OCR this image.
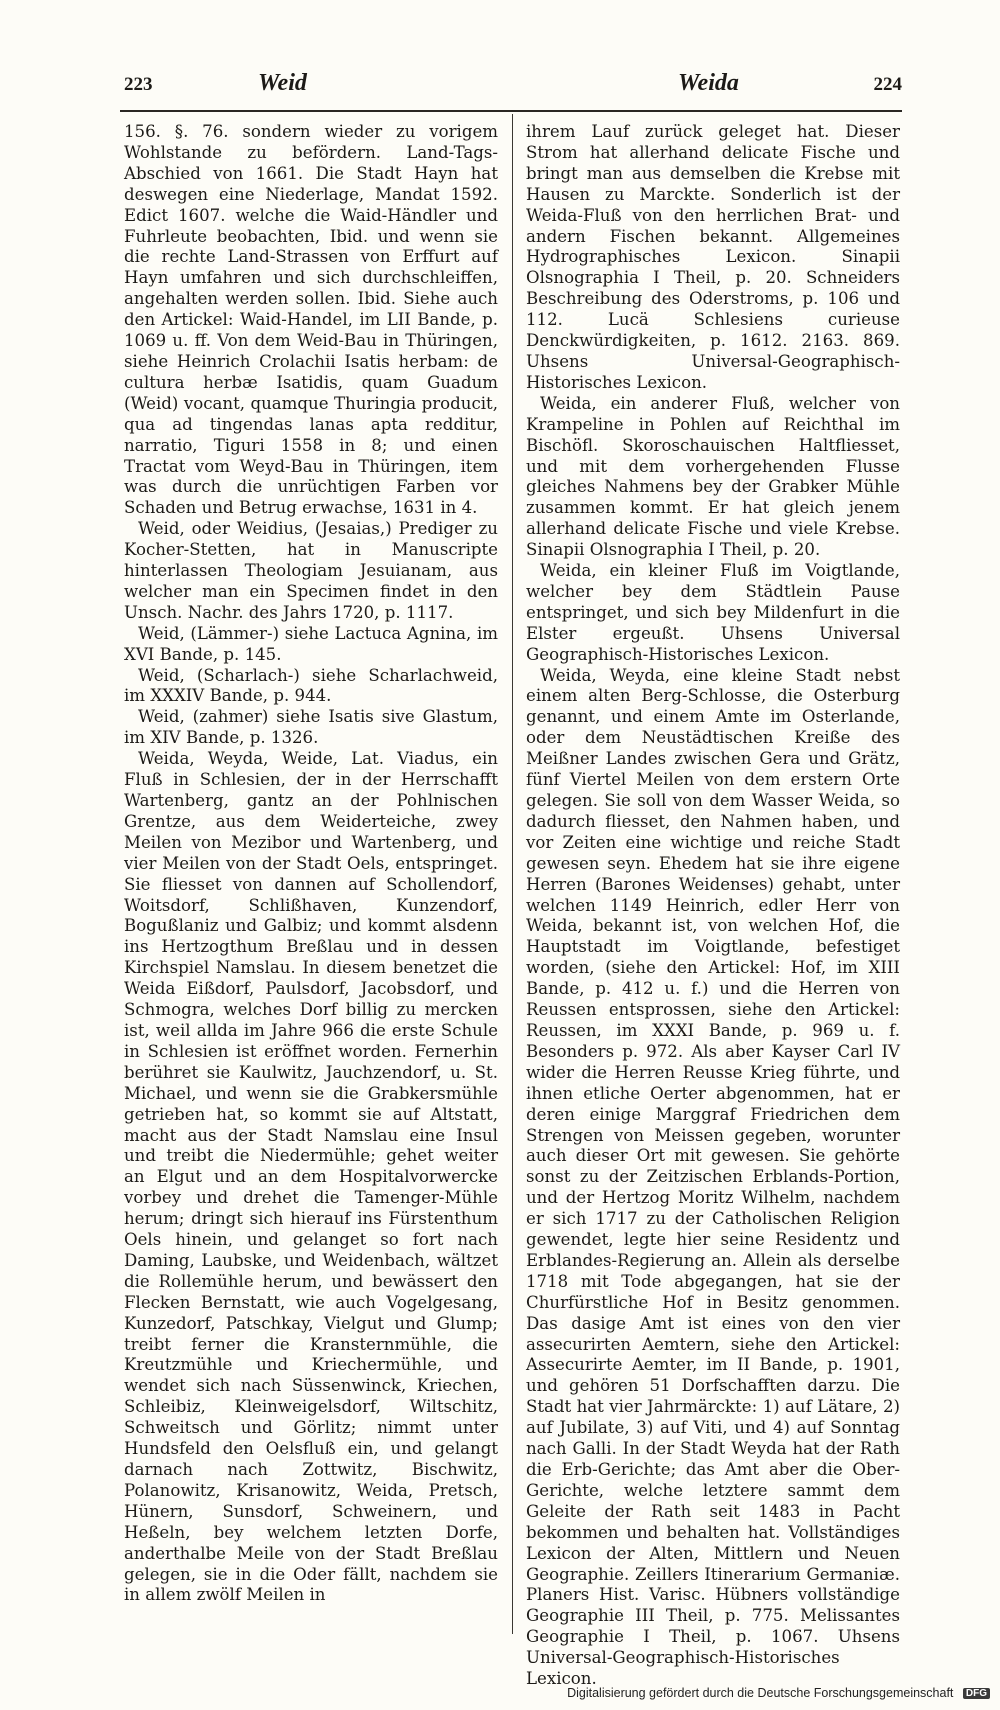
223	Weid	Weida	224

156. §. 76. sondern wieder zu vorigem Wohlstande zu befördern. Land-Tags-Abschied von 1661. Die Stadt Hayn hat deswegen eine Niederlage, Mandat 1592. Edict 1607. welche die Waid-Händler und Fuhrleute beobachten, Ibid. und wenn sie die rechte Land-Strassen von Erffurt auf Hayn umfahren und sich durchschleiffen, angehalten werden sollen. Ibid. Siehe auch den Artickel: Waid-Handel, im LII Bande, p. 1069 u. ff. Von dem Weid-Bau in Thüringen, siehe Heinrich Crolachii Isatis herbam: de cultura herbæ Isatidis, quam Guadum (Weid) vocant, quamque Thuringia producit, qua ad tingendas lanas apta redditur, narratio, Tiguri 1558 in 8; und einen Tractat vom Weyd-Bau in Thüringen, item was durch die unrüchtigen Farben vor Schaden und Betrug erwachse, 1631 in 4.

Weid, oder Weidius, (Jesaias,) Prediger zu Kocher-Stetten, hat in Manuscripte hinterlassen Theologiam Jesuianam, aus welcher man ein Specimen findet in den Unsch. Nachr. des Jahrs 1720, p. 1117.

Weid, (Lämmer-) siehe Lactuca Agnina, im XVI Bande, p. 145.

Weid, (Scharlach-) siehe Scharlachweid, im XXXIV Bande, p. 944.

Weid, (zahmer) siehe Isatis sive Glastum, im XIV Bande, p. 1326.

Weida, Weyda, Weide, Lat. Viadus, ein Fluß in Schlesien, der in der Herrschafft Wartenberg, gantz an der Pohlnischen Grentze, aus dem Weiderteiche, zwey Meilen von Mezibor und Wartenberg, und vier Meilen von der Stadt Oels, entspringet. Sie fliesset von dannen auf Schollendorf, Woitsdorf, Schlißhaven, Kunzendorf, Bogußlaniz und Galbiz; und kommt alsdenn ins Hertzogthum Breßlau und in dessen Kirchspiel Namslau. In diesem benetzet die Weida Eißdorf, Paulsdorf, Jacobsdorf, und Schmogra, welches Dorf billig zu mercken ist, weil allda im Jahre 966 die erste Schule in Schlesien ist eröffnet worden. Fernerhin berühret sie Kaulwitz, Jauchzendorf, u. St. Michael, und wenn sie die Grabkersmühle getrieben hat, so kommt sie auf Altstatt, macht aus der Stadt Namslau eine Insul und treibt die Niedermühle; gehet weiter an Elgut und an dem Hospitalvorwercke vorbey und drehet die Tamenger-Mühle herum; dringt sich hierauf ins Fürstenthum Oels hinein, und gelanget so fort nach Daming, Laubske, und Weidenbach, wältzet die Rollemühle herum, und bewässert den Flecken Bernstatt, wie auch Vogelgesang, Kunzedorf, Patschkay, Vielgut und Glump; treibt ferner die Kransternmühle, die Kreutzmühle und Kriechermühle, und wendet sich nach Süssenwinck, Kriechen, Schleibiz, Kleinweigelsdorf, Wiltschitz, Schweitsch und Görlitz; nimmt unter Hundsfeld den Oelsfluß ein, und gelangt darnach nach Zottwitz, Bischwitz, Polanowitz, Krisanowitz, Weida, Pretsch, Hünern, Sunsdorf, Schweinern, und Heßeln, bey welchem letzten Dorfe, anderthalbe Meile von der Stadt Breßlau gelegen, sie in die Oder fällt, nachdem sie in allem zwölf Meilen in

ihrem Lauf zurück geleget hat. Dieser Strom hat allerhand delicate Fische und bringt man aus demselben die Krebse mit Hausen zu Marckte. Sonderlich ist der Weida-Fluß von den herrlichen Brat- und andern Fischen bekannt. Allgemeines Hydrographisches Lexicon. Sinapii Olsnographia I Theil, p. 20. Schneiders Beschreibung des Oderstroms, p. 106 und 112. Lucä Schlesiens curieuse Denckwürdigkeiten, p. 1612. 2163. 869. Uhsens Universal-Geographisch-Historisches Lexicon.

Weida, ein anderer Fluß, welcher von Krampeline in Pohlen auf Reichthal im Bischöfl. Skoroschauischen Haltfliesset, und mit dem vorhergehenden Flusse gleiches Nahmens bey der Grabker Mühle zusammen kommt. Er hat gleich jenem allerhand delicate Fische und viele Krebse. Sinapii Olsnographia I Theil, p. 20.

Weida, ein kleiner Fluß im Voigtlande, welcher bey dem Städtlein Pause entspringet, und sich bey Mildenfurt in die Elster ergeußt. Uhsens Universal Geographisch-Historisches Lexicon.

Weida, Weyda, eine kleine Stadt nebst einem alten Berg-Schlosse, die Osterburg genannt, und einem Amte im Osterlande, oder dem Neustädtischen Kreiße des Meißner Landes zwischen Gera und Grätz, fünf Viertel Meilen von dem erstern Orte gelegen. Sie soll von dem Wasser Weida, so dadurch fliesset, den Nahmen haben, und vor Zeiten eine wichtige und reiche Stadt gewesen seyn. Ehedem hat sie ihre eigene Herren (Barones Weidenses) gehabt, unter welchen 1149 Heinrich, edler Herr von Weida, bekannt ist, von welchen Hof, die Hauptstadt im Voigtlande, befestiget worden, (siehe den Artickel: Hof, im XIII Bande, p. 412 u. f.) und die Herren von Reussen entsprossen, siehe den Artickel: Reussen, im XXXI Bande, p. 969 u. f. Besonders p. 972. Als aber Kayser Carl IV wider die Herren Reusse Krieg führte, und ihnen etliche Oerter abgenommen, hat er deren einige Marggraf Friedrichen dem Strengen von Meissen gegeben, worunter auch dieser Ort mit gewesen. Sie gehörte sonst zu der Zeitzischen Erblands-Portion, und der Hertzog Moritz Wilhelm, nachdem er sich 1717 zu der Catholischen Religion gewendet, legte hier seine Residentz und Erblandes-Regierung an. Allein als derselbe 1718 mit Tode abgegangen, hat sie der Churfürstliche Hof in Besitz genommen. Das dasige Amt ist eines von den vier assecurirten Aemtern, siehe den Artickel: Assecurirte Aemter, im II Bande, p. 1901, und gehören 51 Dorfschafften darzu. Die Stadt hat vier Jahrmärckte: 1) auf Lätare, 2) auf Jubilate, 3) auf Viti, und 4) auf Sonntag nach Galli. In der Stadt Weyda hat der Rath die Erb-Gerichte; das Amt aber die Ober-Gerichte, welche letztere sammt dem Geleite der Rath seit 1483 in Pacht bekommen und behalten hat. Vollständiges Lexicon der Alten, Mittlern und Neuen Geographie. Zeillers Itinerarium Germaniæ. Planers Hist. Varisc. Hübners vollständige Geographie III Theil, p. 775. Melissantes Geographie I Theil, p. 1067. Uhsens Universal-Geographisch-Historisches Lexicon.

Digitalisierung gefördert durch die Deutsche Forschungsgemeinschaft DFG
